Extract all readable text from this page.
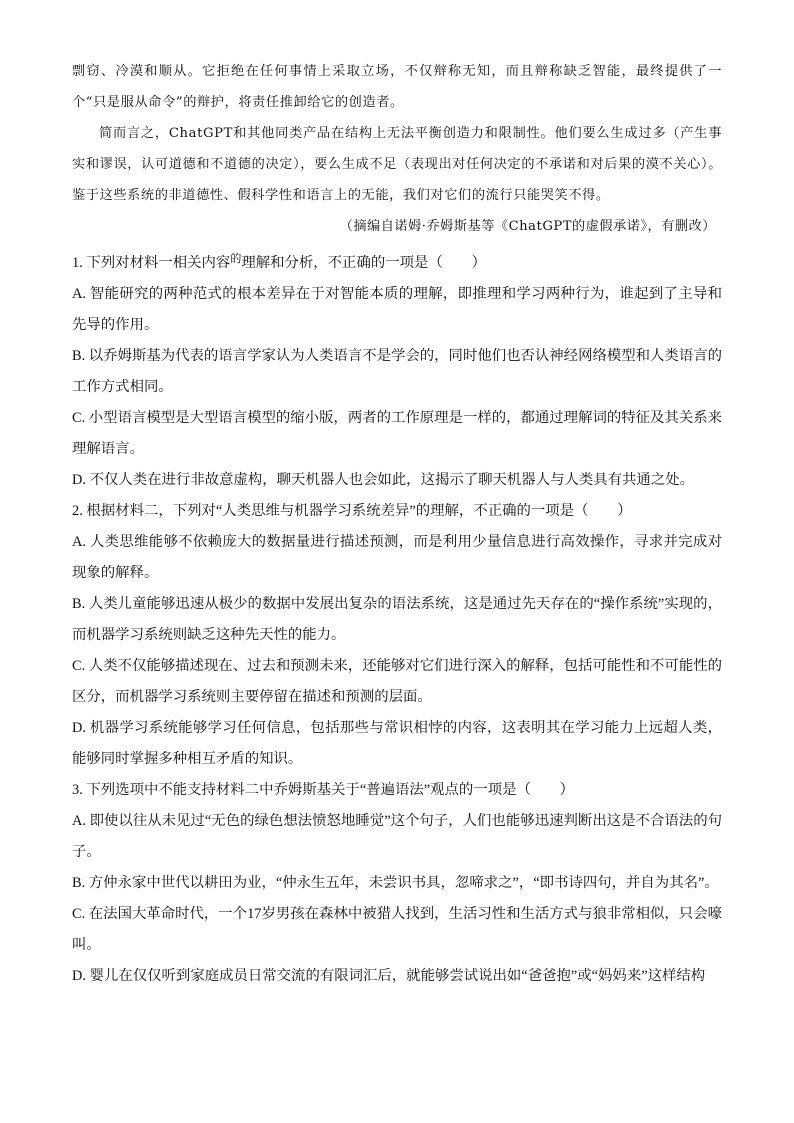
剽窃、冷漠和顺从。它拒绝在任何事情上采取立场，不仅辩称无知，而且辩称缺乏智能，最终提供了一个“只是服从命令”的辩护，将责任推卸给它的创造者。

简而言之，ChatGPT和其他同类产品在结构上无法平衡创造力和限制性。他们要么生成过多（产生事实和谬误，认可道德和不道德的决定），要么生成不足（表现出对任何决定的不承诺和对后果的漠不关心）。鉴于这些系统的非道德性、假科学性和语言上的无能，我们对它们的流行只能哭笑不得。

（摘编自诺姆·乔姆斯基等《ChatGPT的虚假承诺》，有删改）

1. 下列对材料一相关内容$^的$理解和分析，不正确的一项是（　　）

A. 智能研究的两种范式的根本差异在于对智能本质的理解，即推理和学习两种行为，谁起到了主导和先导的作用。

B. 以乔姆斯基为代表的语言学家认为人类语言不是学会的，同时他们也否认神经网络模型和人类语言的工作方式相同。

C. 小型语言模型是大型语言模型的缩小版，两者的工作原理是一样的，都通过理解词的特征及其关系来理解语言。

D. 不仅人类在进行非故意虚构，聊天机器人也会如此，这揭示了聊天机器人与人类具有共通之处。

2. 根据材料二，下列对“人类思维与机器学习系统差异”的理解，不正确的一项是（　　）

A. 人类思维能够不依赖庞大的数据量进行描述预测，而是利用少量信息进行高效操作，寻求并完成对现象的解释。

B. 人类儿童能够迅速从极少的数据中发展出复杂的语法系统，这是通过先天存在的“操作系统”实现的，而机器学习系统则缺乏这种先天性的能力。

C. 人类不仅能够描述现在、过去和预测未来，还能够对它们进行深入的解释，包括可能性和不可能性的区分，而机器学习系统则主要停留在描述和预测的层面。

D. 机器学习系统能够学习任何信息，包括那些与常识相悖的内容，这表明其在学习能力上远超人类，能够同时掌握多种相互矛盾的知识。

3. 下列选项中不能支持材料二中乔姆斯基关于“普遍语法”观点的一项是（　　）

A. 即使以往从未见过“无色的绿色想法愤怒地睡觉”这个句子，人们也能够迅速判断出这是不合语法的句子。

B. 方仲永家中世代以耕田为业，“仲永生五年，未尝识书具，忽啼求之”，“即书诗四句，并自为其名”。

C. 在法国大革命时代，一个17岁男孩在森林中被猎人找到，生活习性和生活方式与狼非常相似，只会嚎叫。

D. 婴儿在仅仅听到家庭成员日常交流的有限词汇后，就能够尝试说出如“爸爸抱”或“妈妈来”这样结构
